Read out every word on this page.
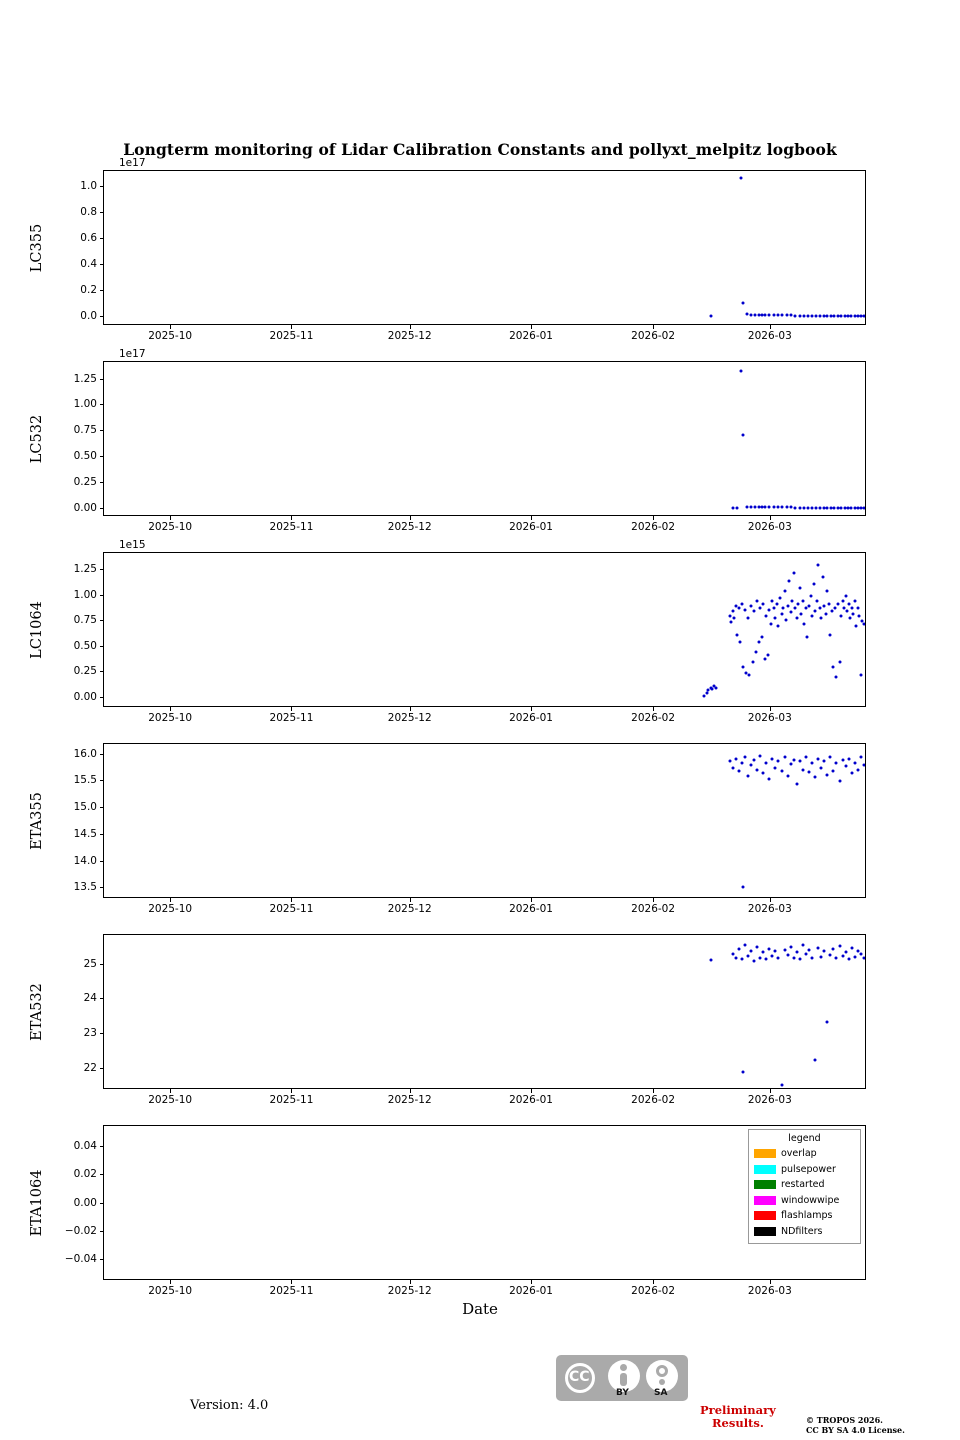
Longterm monitoring of Lidar Calibration Constants and pollyxt_melpitz logbook
0.0
0.2
0.4
0.6
0.8
1.0
2025-10	2025-11	2025-12	2026-01	2026-02	2026-03
LC355
1e17
0.00
0.25
0.50
0.75
1.00
1.25
2025-10	2025-11	2025-12	2026-01	2026-02	2026-03
LC532
1e17
0.00
0.25
0.50
0.75
1.00
1.25
2025-10	2025-11	2025-12	2026-01	2026-02	2026-03
LC1064
1e15
13.5
14.0
14.5
15.0
15.5
16.0
2025-10	2025-11	2025-12	2026-01	2026-02	2026-03
ETA355
22
23
24
25
2025-10	2025-11	2025-12	2026-01	2026-02	2026-03
ETA532
−0.04
−0.02
0.00
0.02
0.04
2025-10	2025-11	2025-12	2026-01	2026-02	2026-03
ETA1064
Date
Version: 4.0
CC
BY	SA
Preliminary
Results.	© TROPOS 2026.
CC BY SA 4.0 License.
legend
overlap
pulsepower
restarted
windowwipe
flashlamps
NDfilters
